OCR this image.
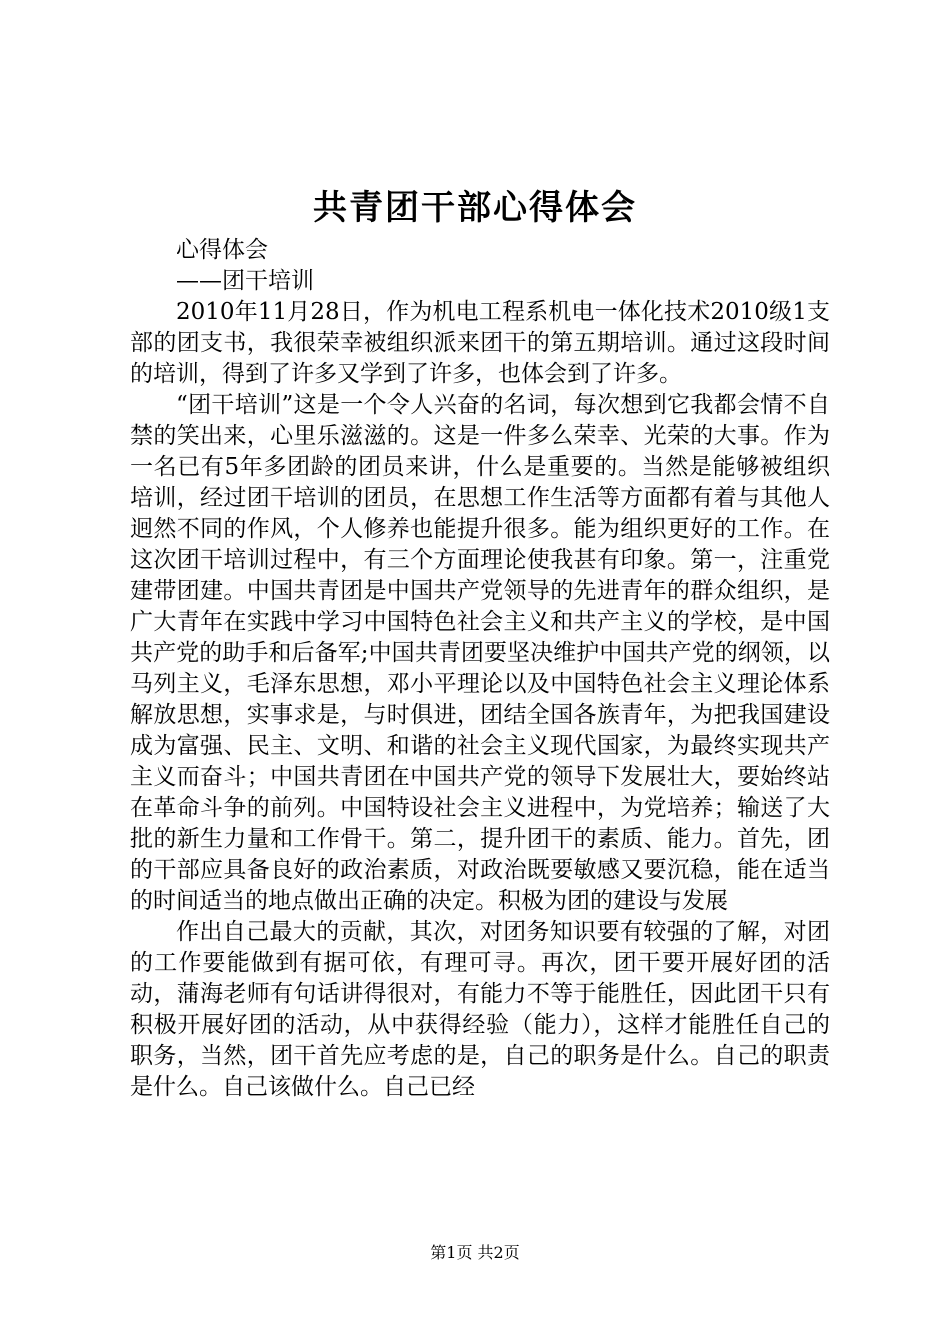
共青团干部心得体会

心得体会

——团干培训

2010年11月28日，作为机电工程系机电一体化技术2010级1支部的团支书，我很荣幸被组织派来团干的第五期培训。通过这段时间的培训，得到了许多又学到了许多，也体会到了许多。

“团干培训”这是一个令人兴奋的名词，每次想到它我都会情不自禁的笑出来，心里乐滋滋的。这是一件多么荣幸、光荣的大事。作为一名已有5年多团龄的团员来讲，什么是重要的。当然是能够被组织培训，经过团干培训的团员，在思想工作生活等方面都有着与其他人迥然不同的作风，个人修养也能提升很多。能为组织更好的工作。在这次团干培训过程中，有三个方面理论使我甚有印象。第一，注重党建带团建。中国共青团是中国共产党领导的先进青年的群众组织，是广大青年在实践中学习中国特色社会主义和共产主义的学校，是中国共产党的助手和后备军;中国共青团要坚决维护中国共产党的纲领，以马列主义，毛泽东思想，邓小平理论以及中国特色社会主义理论体系解放思想，实事求是，与时俱进，团结全国各族青年，为把我国建设成为富强、民主、文明、和谐的社会主义现代国家，为最终实现共产主义而奋斗；中国共青团在中国共产党的领导下发展壮大，要始终站在革命斗争的前列。中国特设社会主义进程中，为党培养；输送了大批的新生力量和工作骨干。第二，提升团干的素质、能力。首先，团的干部应具备良好的政治素质，对政治既要敏感又要沉稳，能在适当的时间适当的地点做出正确的决定。积极为团的建设与发展

作出自己最大的贡献，其次，对团务知识要有较强的了解，对团的工作要能做到有据可依，有理可寻。再次，团干要开展好团的活动，蒲海老师有句话讲得很对，有能力不等于能胜任，因此团干只有积极开展好团的活动，从中获得经验（能力），这样才能胜任自己的职务，当然，团干首先应考虑的是，自己的职务是什么。自己的职责是什么。自己该做什么。自己已经

第1页 共2页
